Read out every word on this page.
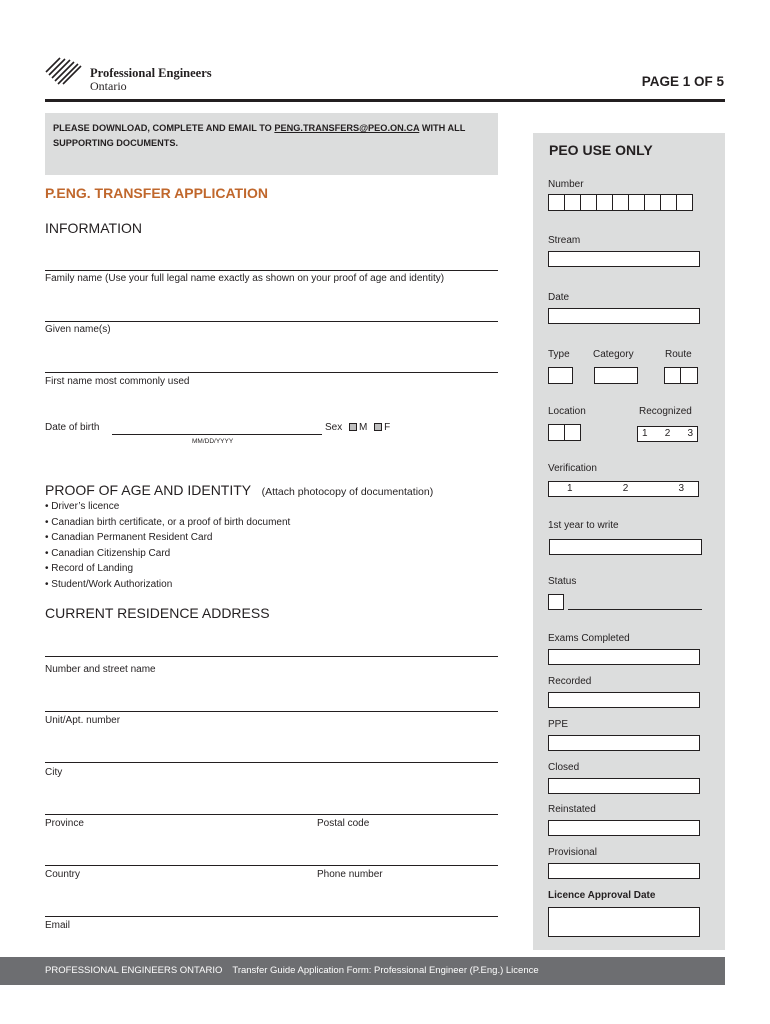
Professional Engineers
Ontario	PAGE 1 OF 5
PLEASE DOWNLOAD, COMPLETE AND EMAIL TO PENG.TRANSFERS@PEO.ON.CA WITH ALL SUPPORTING DOCUMENTS.
P.ENG. TRANSFER APPLICATION
INFORMATION
Family name (Use your full legal name exactly as shown on your proof of age and identity)
Given name(s)
First name most commonly used
Date of birth
MM/DD/YYYY
Sex M F
PROOF OF AGE AND IDENTITY (Attach photocopy of documentation)
• Driver’s licence
• Canadian birth certificate, or a proof of birth document
• Canadian Permanent Resident Card
• Canadian Citizenship Card
• Record of Landing
• Student/Work Authorization
CURRENT RESIDENCE ADDRESS
Number and street name
Unit/Apt. number
City
Province	Postal code
Country	Phone number
Email
PEO USE ONLY
Number
Stream
Date
Type Category	Route
Location	Recognized
1 2 3
Verification
1	2	3
1st year to write
Status
Exams Completed
Recorded
PPE
Closed
Reinstated
Provisional
Licence Approval Date
PROFESSIONAL ENGINEERS ONTARIO Transfer Guide Application Form: Professional Engineer (P.Eng.) Licence
